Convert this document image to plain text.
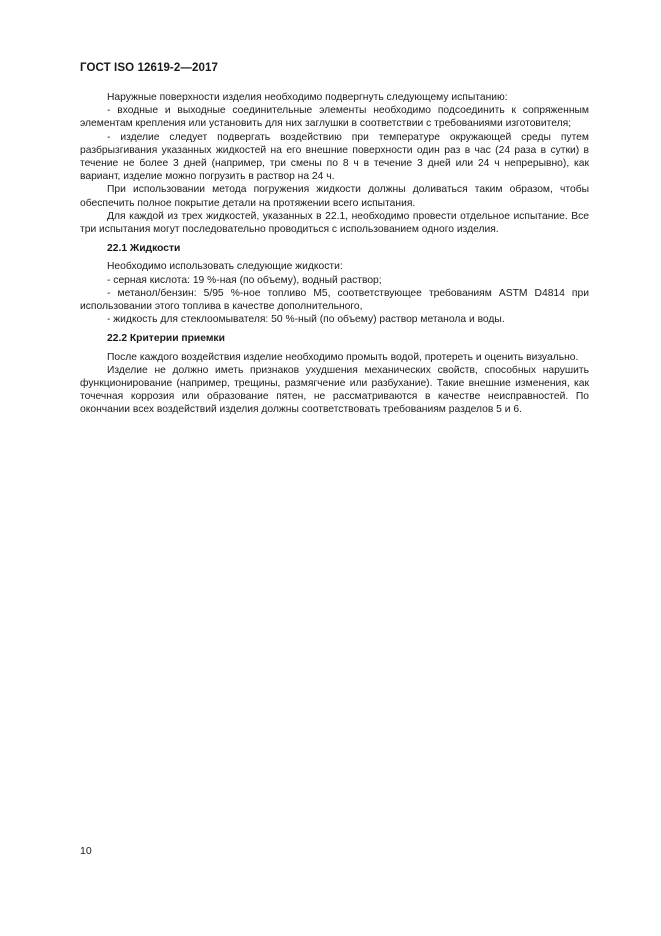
ГОСТ ISO 12619-2—2017

Наружные поверхности изделия необходимо подвергнуть следующему испытанию:

- входные и выходные соединительные элементы необходимо подсоединить к сопряженным элементам крепления или установить для них заглушки в соответствии с требованиями изготовителя;

- изделие следует подвергать воздействию при температуре окружающей среды путем разбрызгивания указанных жидкостей на его внешние поверхности один раз в час (24 раза в сутки) в течение не более 3 дней (например, три смены по 8 ч в течение 3 дней или 24 ч непрерывно), как вариант, изделие можно погрузить в раствор на 24 ч.

При использовании метода погружения жидкости должны доливаться таким образом, чтобы обеспечить полное покрытие детали на протяжении всего испытания.

Для каждой из трех жидкостей, указанных в 22.1, необходимо провести отдельное испытание. Все три испытания могут последовательно проводиться с использованием одного изделия.

22.1 Жидкости

Необходимо использовать следующие жидкости:

- серная кислота: 19 %-ная (по объему), водный раствор;

- метанол/бензин: 5/95 %-ное топливо М5, соответствующее требованиям ASTM D4814 при использовании этого топлива в качестве дополнительного,

- жидкость для стеклоомывателя: 50 %-ный (по объему) раствор метанола и воды.

22.2 Критерии приемки

После каждого воздействия изделие необходимо промыть водой, протереть и оценить визуально.

Изделие не должно иметь признаков ухудшения механических свойств, способных нарушить функционирование (например, трещины, размягчение или разбухание). Такие внешние изменения, как точечная коррозия или образование пятен, не рассматриваются в качестве неисправностей. По окончании всех воздействий изделия должны соответствовать требованиям разделов 5 и 6.

10
